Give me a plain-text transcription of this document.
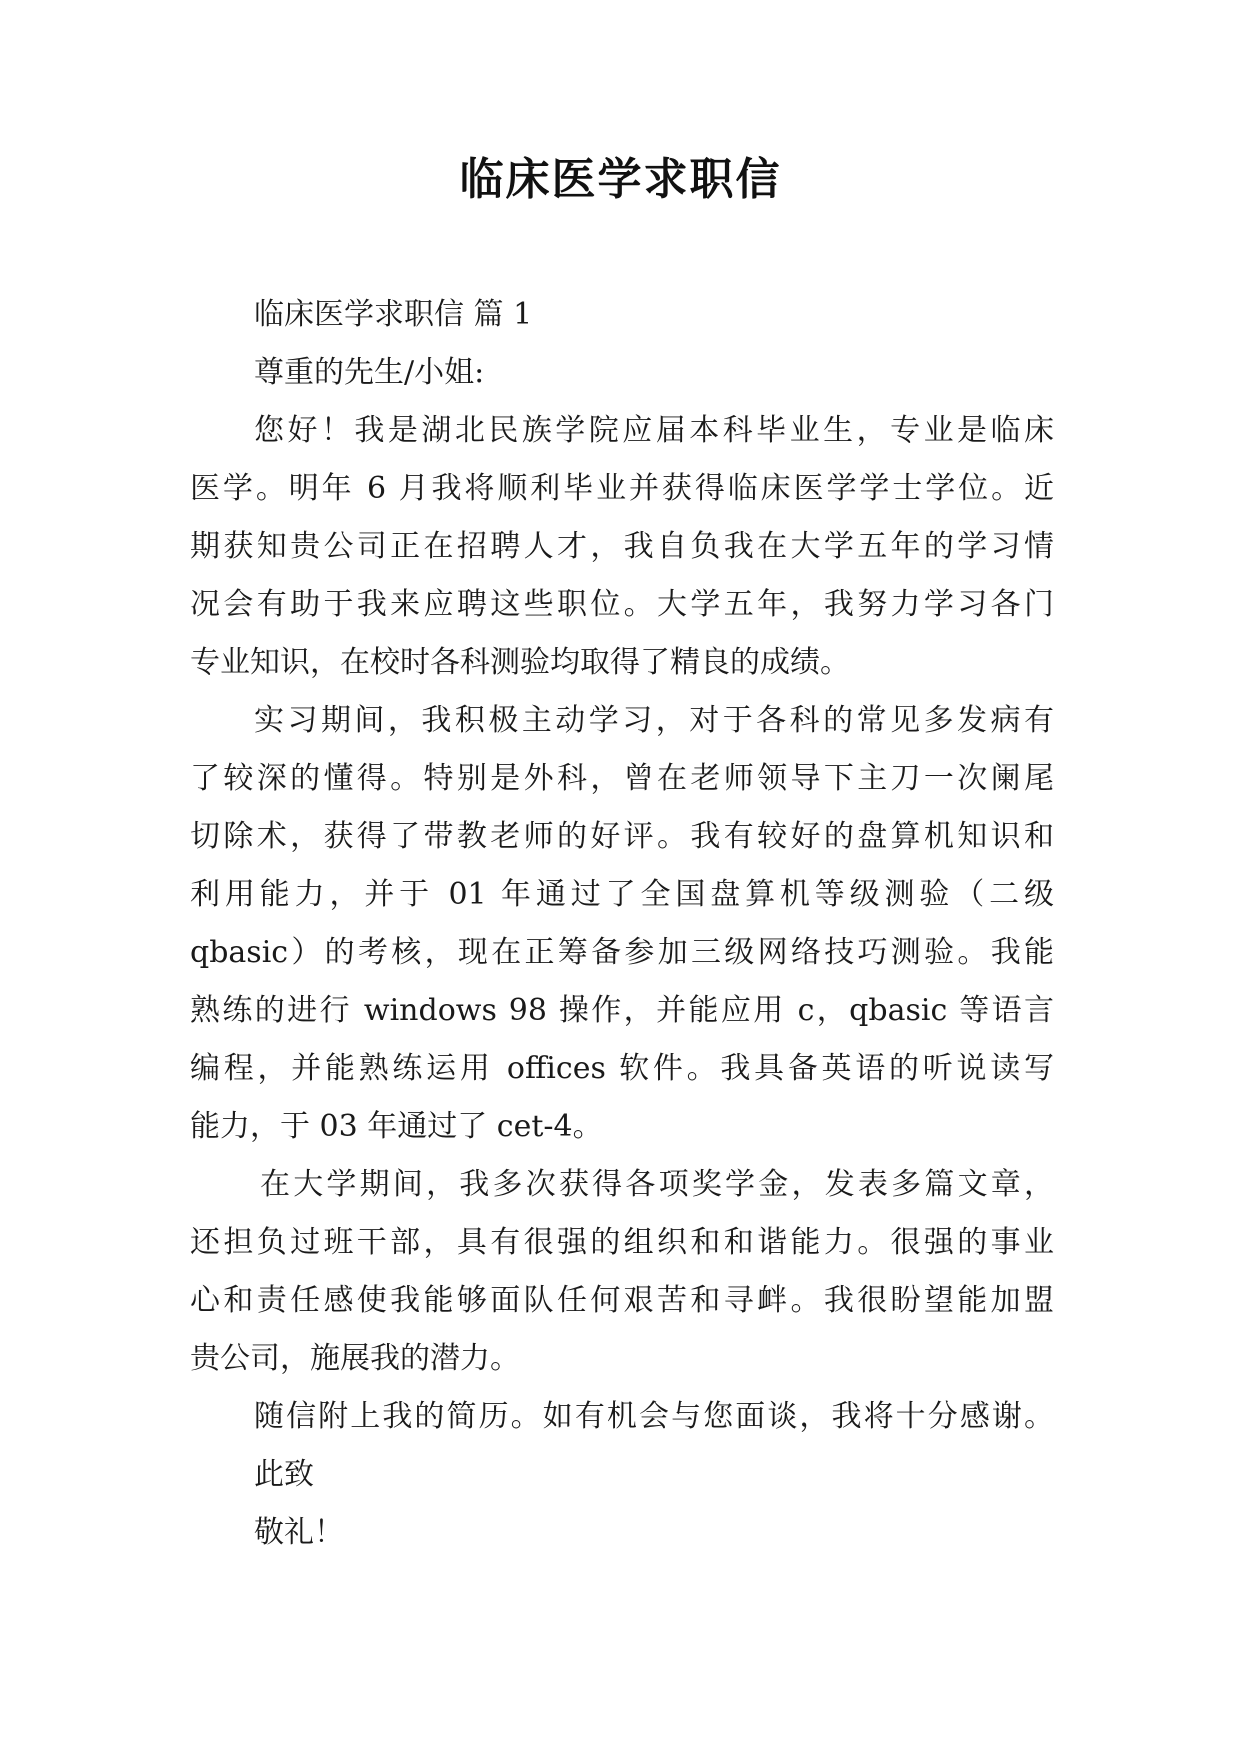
临床医学求职信
临床医学求职信 篇 1
尊重的先生/小姐:
您好！我是湖北民族学院应届本科毕业生，专业是临床
医学。明年 6 月我将顺利毕业并获得临床医学学士学位。近
期获知贵公司正在招聘人才，我自负我在大学五年的学习情
况会有助于我来应聘这些职位。大学五年，我努力学习各门
专业知识，在校时各科测验均取得了精良的成绩。
实习期间，我积极主动学习，对于各科的常见多发病有
了较深的懂得。特别是外科，曾在老师领导下主刀一次阑尾
切除术，获得了带教老师的好评。我有较好的盘算机知识和
利用能力，并于 01 年通过了全国盘算机等级测验（二级
qbasic）的考核，现在正筹备参加三级网络技巧测验。我能
熟练的进行 windows 98 操作，并能应用 c，qbasic 等语言
编程，并能熟练运用 offices 软件。我具备英语的听说读写
能力，于 03 年通过了 cet-4。
在大学期间，我多次获得各项奖学金，发表多篇文章，
还担负过班干部，具有很强的组织和和谐能力。很强的事业
心和责任感使我能够面队任何艰苦和寻衅。我很盼望能加盟
贵公司，施展我的潜力。
随信附上我的简历。如有机会与您面谈，我将十分感谢。
此致
敬礼！
